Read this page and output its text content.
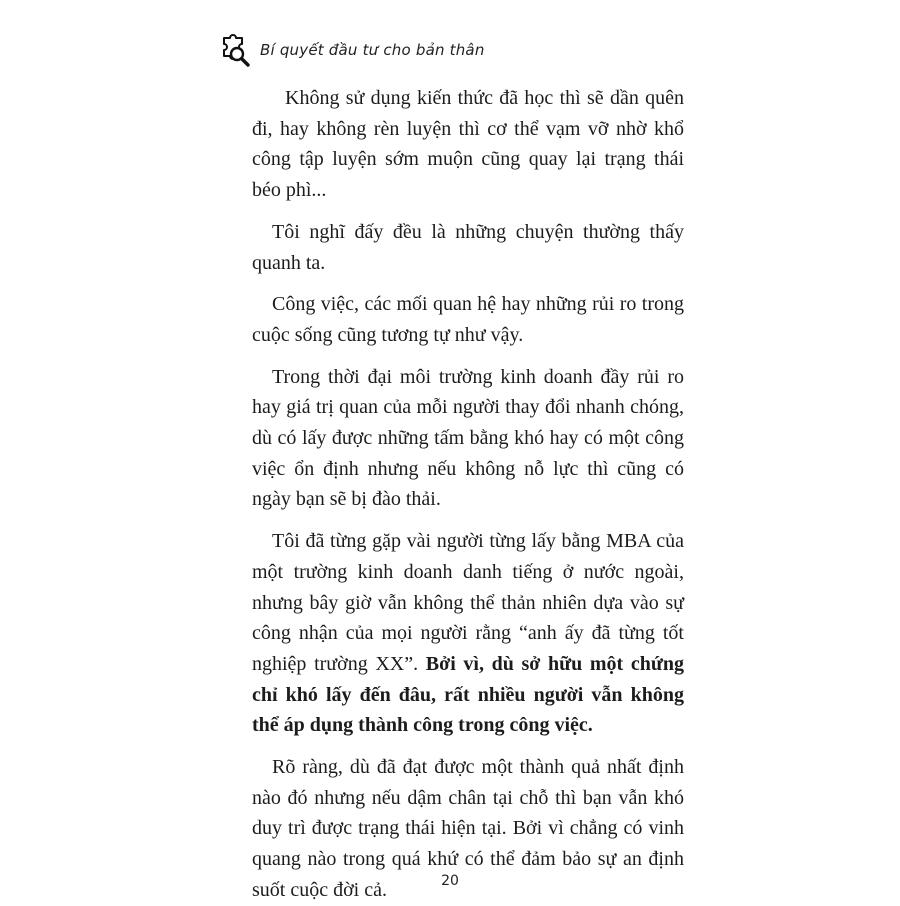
Bí quyết đầu tư cho bản thân

Không sử dụng kiến thức đã học thì sẽ dần quên đi, hay không rèn luyện thì cơ thể vạm vỡ nhờ khổ công tập luyện sớm muộn cũng quay lại trạng thái béo phì...

Tôi nghĩ đấy đều là những chuyện thường thấy quanh ta.

Công việc, các mối quan hệ hay những rủi ro trong cuộc sống cũng tương tự như vậy.

Trong thời đại môi trường kinh doanh đầy rủi ro hay giá trị quan của mỗi người thay đổi nhanh chóng, dù có lấy được những tấm bằng khó hay có một công việc ổn định nhưng nếu không nỗ lực thì cũng có ngày bạn sẽ bị đào thải.

Tôi đã từng gặp vài người từng lấy bằng MBA của một trường kinh doanh danh tiếng ở nước ngoài, nhưng bây giờ vẫn không thể thản nhiên dựa vào sự công nhận của mọi người rằng “anh ấy đã từng tốt nghiệp trường XX”. Bởi vì, dù sở hữu một chứng chỉ khó lấy đến đâu, rất nhiều người vẫn không thể áp dụng thành công trong công việc.

Rõ ràng, dù đã đạt được một thành quả nhất định nào đó nhưng nếu dậm chân tại chỗ thì bạn vẫn khó duy trì được trạng thái hiện tại. Bởi vì chẳng có vinh quang nào trong quá khứ có thể đảm bảo sự an định suốt cuộc đời cả.	20
